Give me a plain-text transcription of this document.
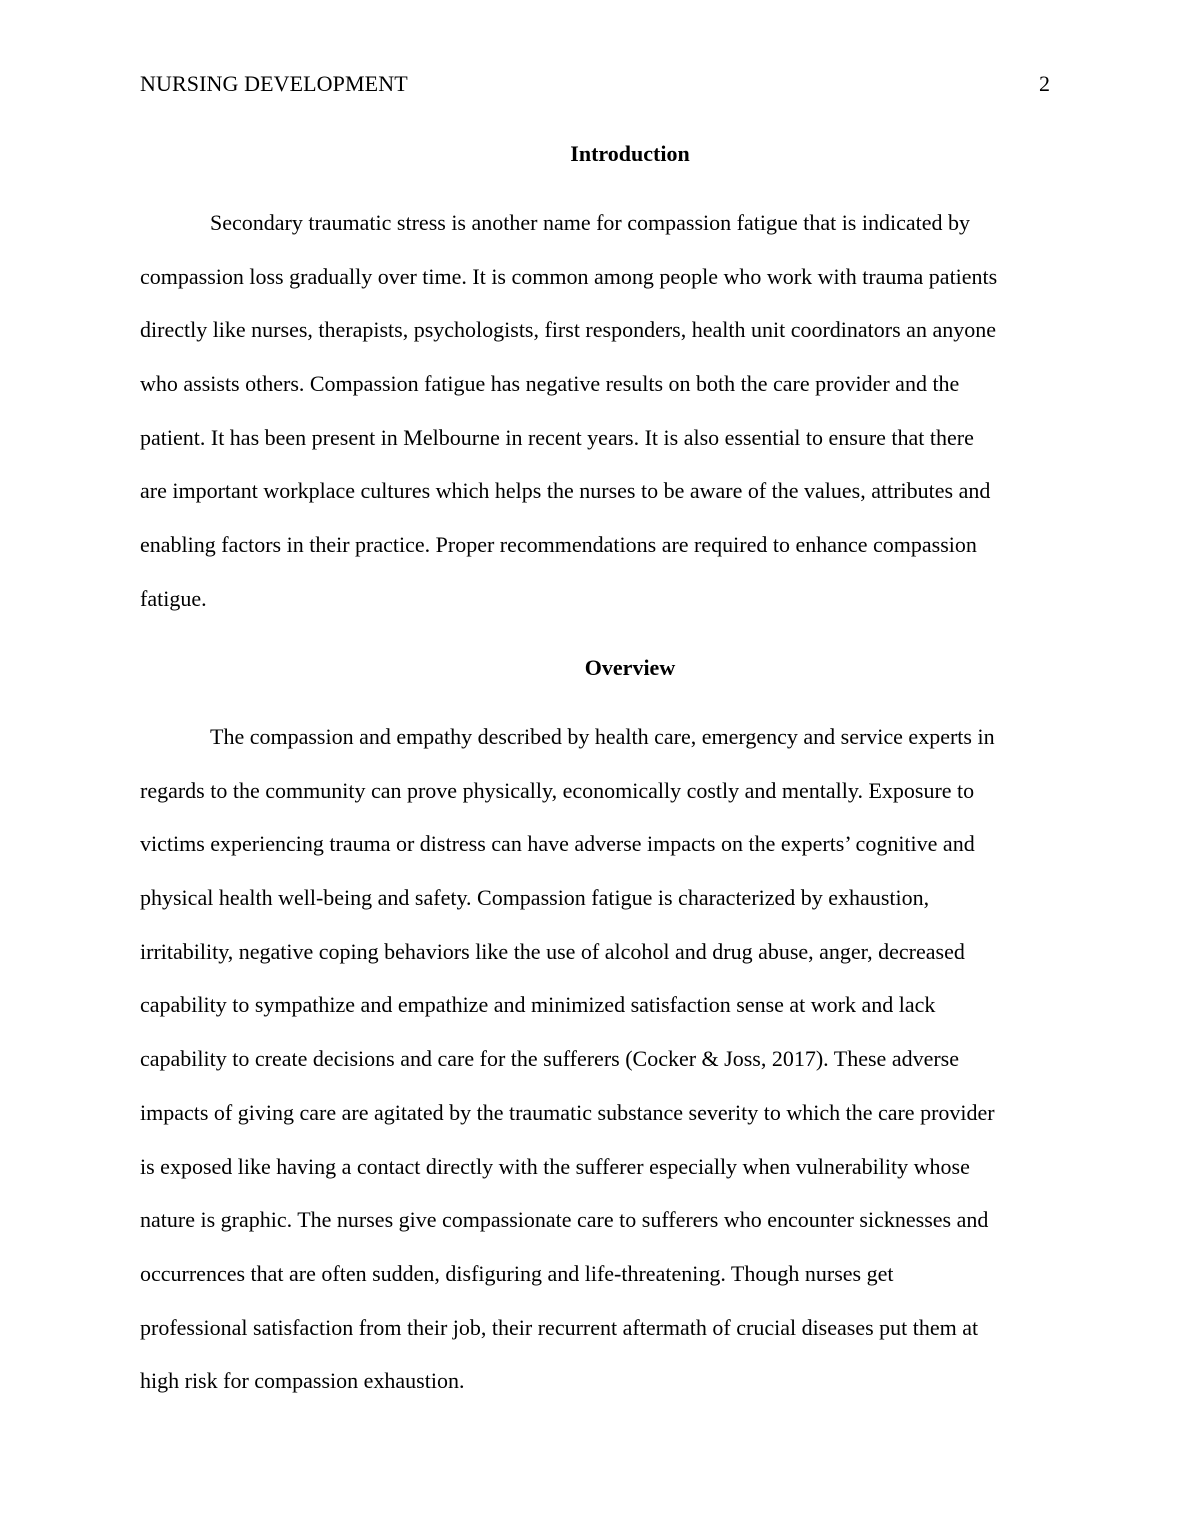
NURSING DEVELOPMENT	2
Introduction
Secondary traumatic stress is another name for compassion fatigue that is indicated by
compassion loss gradually over time. It is common among people who work with trauma patients
directly like nurses, therapists, psychologists, first responders, health unit coordinators an anyone
who assists others. Compassion fatigue has negative results on both the care provider and the
patient. It has been present in Melbourne in recent years. It is also essential to ensure that there
are important workplace cultures which helps the nurses to be aware of the values, attributes and
enabling factors in their practice. Proper recommendations are required to enhance compassion
fatigue.
Overview
The compassion and empathy described by health care, emergency and service experts in
regards to the community can prove physically, economically costly and mentally. Exposure to
victims experiencing trauma or distress can have adverse impacts on the experts’ cognitive and
physical health well-being and safety. Compassion fatigue is characterized by exhaustion,
irritability, negative coping behaviors like the use of alcohol and drug abuse, anger, decreased
capability to sympathize and empathize and minimized satisfaction sense at work and lack
capability to create decisions and care for the sufferers (Cocker & Joss, 2017). These adverse
impacts of giving care are agitated by the traumatic substance severity to which the care provider
is exposed like having a contact directly with the sufferer especially when vulnerability whose
nature is graphic. The nurses give compassionate care to sufferers who encounter sicknesses and
occurrences that are often sudden, disfiguring and life-threatening. Though nurses get
professional satisfaction from their job, their recurrent aftermath of crucial diseases put them at
high risk for compassion exhaustion.
